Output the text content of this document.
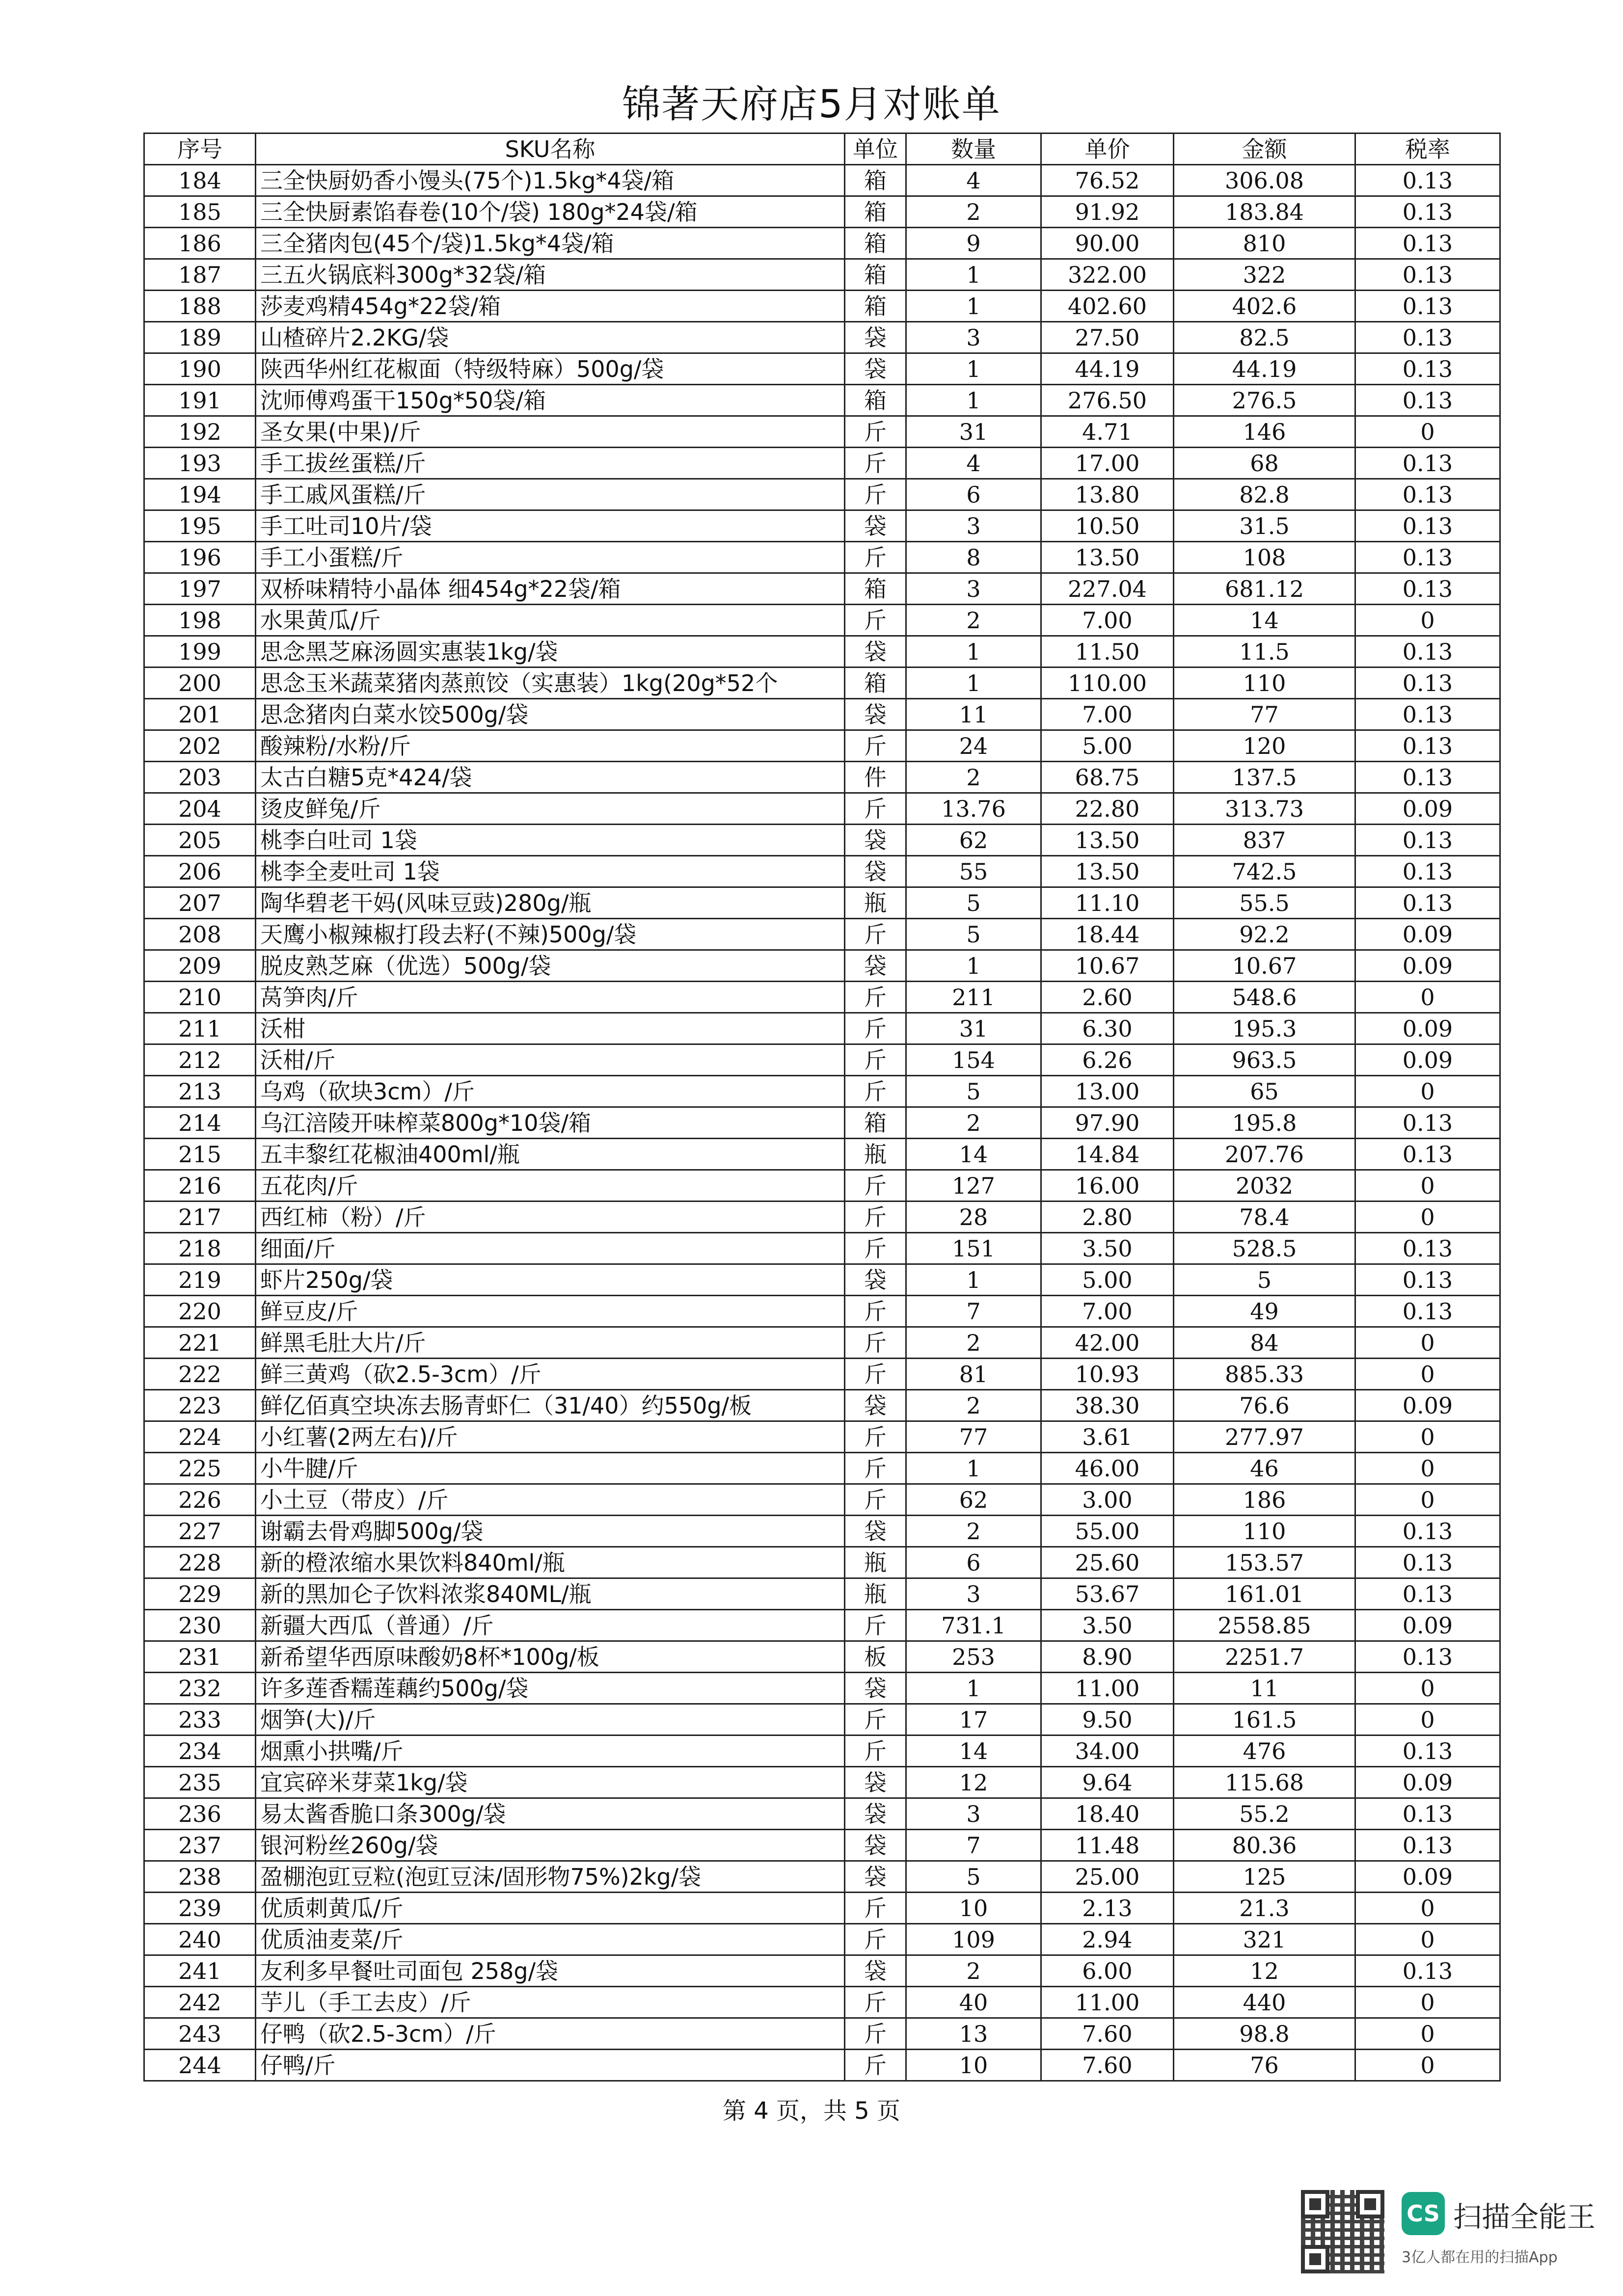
锦著天府店5月对账单
序号	SKU名称	单位	数量	单价	金额	税率
184	三全快厨奶香小馒头(75个)1.5kg*4袋/箱	箱	4	76.52	306.08	0.13
185	三全快厨素馅春卷(10个/袋) 180g*24袋/箱	箱	2	91.92	183.84	0.13
186	三全猪肉包(45个/袋)1.5kg*4袋/箱	箱	9	90.00	810	0.13
187	三五火锅底料300g*32袋/箱	箱	1	322.00	322	0.13
188	莎麦鸡精454g*22袋/箱	箱	1	402.60	402.6	0.13
189	山楂碎片2.2KG/袋	袋	3	27.50	82.5	0.13
190	陕西华州红花椒面（特级特麻）500g/袋	袋	1	44.19	44.19	0.13
191	沈师傅鸡蛋干150g*50袋/箱	箱	1	276.50	276.5	0.13
192	圣女果(中果)/斤	斤	31	4.71	146	0
193	手工拔丝蛋糕/斤	斤	4	17.00	68	0.13
194	手工戚风蛋糕/斤	斤	6	13.80	82.8	0.13
195	手工吐司10片/袋	袋	3	10.50	31.5	0.13
196	手工小蛋糕/斤	斤	8	13.50	108	0.13
197	双桥味精特小晶体 细454g*22袋/箱	箱	3	227.04	681.12	0.13
198	水果黄瓜/斤	斤	2	7.00	14	0
199	思念黑芝麻汤圆实惠装1kg/袋	袋	1	11.50	11.5	0.13
200	思念玉米蔬菜猪肉蒸煎饺（实惠装）1kg(20g*52个	箱	1	110.00	110	0.13
201	思念猪肉白菜水饺500g/袋	袋	11	7.00	77	0.13
202	酸辣粉/水粉/斤	斤	24	5.00	120	0.13
203	太古白糖5克*424/袋	件	2	68.75	137.5	0.13
204	烫皮鲜兔/斤	斤	13.76	22.80	313.73	0.09
205	桃李白吐司 1袋	袋	62	13.50	837	0.13
206	桃李全麦吐司 1袋	袋	55	13.50	742.5	0.13
207	陶华碧老干妈(风味豆豉)280g/瓶	瓶	5	11.10	55.5	0.13
208	天鹰小椒辣椒打段去籽(不辣)500g/袋	斤	5	18.44	92.2	0.09
209	脱皮熟芝麻（优选）500g/袋	袋	1	10.67	10.67	0.09
210	莴笋肉/斤	斤	211	2.60	548.6	0
211	沃柑	斤	31	6.30	195.3	0.09
212	沃柑/斤	斤	154	6.26	963.5	0.09
213	乌鸡（砍块3cm）/斤	斤	5	13.00	65	0
214	乌江涪陵开味榨菜800g*10袋/箱	箱	2	97.90	195.8	0.13
215	五丰黎红花椒油400ml/瓶	瓶	14	14.84	207.76	0.13
216	五花肉/斤	斤	127	16.00	2032	0
217	西红柿（粉）/斤	斤	28	2.80	78.4	0
218	细面/斤	斤	151	3.50	528.5	0.13
219	虾片250g/袋	袋	1	5.00	5	0.13
220	鲜豆皮/斤	斤	7	7.00	49	0.13
221	鲜黑毛肚大片/斤	斤	2	42.00	84	0
222	鲜三黄鸡（砍2.5-3cm）/斤	斤	81	10.93	885.33	0
223	鲜亿佰真空块冻去肠青虾仁（31/40）约550g/板	袋	2	38.30	76.6	0.09
224	小红薯(2两左右)/斤	斤	77	3.61	277.97	0
225	小牛腱/斤	斤	1	46.00	46	0
226	小土豆（带皮）/斤	斤	62	3.00	186	0
227	谢霸去骨鸡脚500g/袋	袋	2	55.00	110	0.13
228	新的橙浓缩水果饮料840ml/瓶	瓶	6	25.60	153.57	0.13
229	新的黑加仑子饮料浓浆840ML/瓶	瓶	3	53.67	161.01	0.13
230	新疆大西瓜（普通）/斤	斤	731.1	3.50	2558.85	0.09
231	新希望华西原味酸奶8杯*100g/板	板	253	8.90	2251.7	0.13
232	许多莲香糯莲藕约500g/袋	袋	1	11.00	11	0
233	烟笋(大)/斤	斤	17	9.50	161.5	0
234	烟熏小拱嘴/斤	斤	14	34.00	476	0.13
235	宜宾碎米芽菜1kg/袋	袋	12	9.64	115.68	0.09
236	易太酱香脆口条300g/袋	袋	3	18.40	55.2	0.13
237	银河粉丝260g/袋	袋	7	11.48	80.36	0.13
238	盈棚泡豇豆粒(泡豇豆沫/固形物75%)2kg/袋	袋	5	25.00	125	0.09
239	优质刺黄瓜/斤	斤	10	2.13	21.3	0
240	优质油麦菜/斤	斤	109	2.94	321	0
241	友利多早餐吐司面包 258g/袋	袋	2	6.00	12	0.13
242	芋儿（手工去皮）/斤	斤	40	11.00	440	0
243	仔鸭（砍2.5-3cm）/斤	斤	13	7.60	98.8	0
244	仔鸭/斤	斤	10	7.60	76	0
第 4 页，共 5 页
CS 扫描全能王
3亿人都在用的扫描App
